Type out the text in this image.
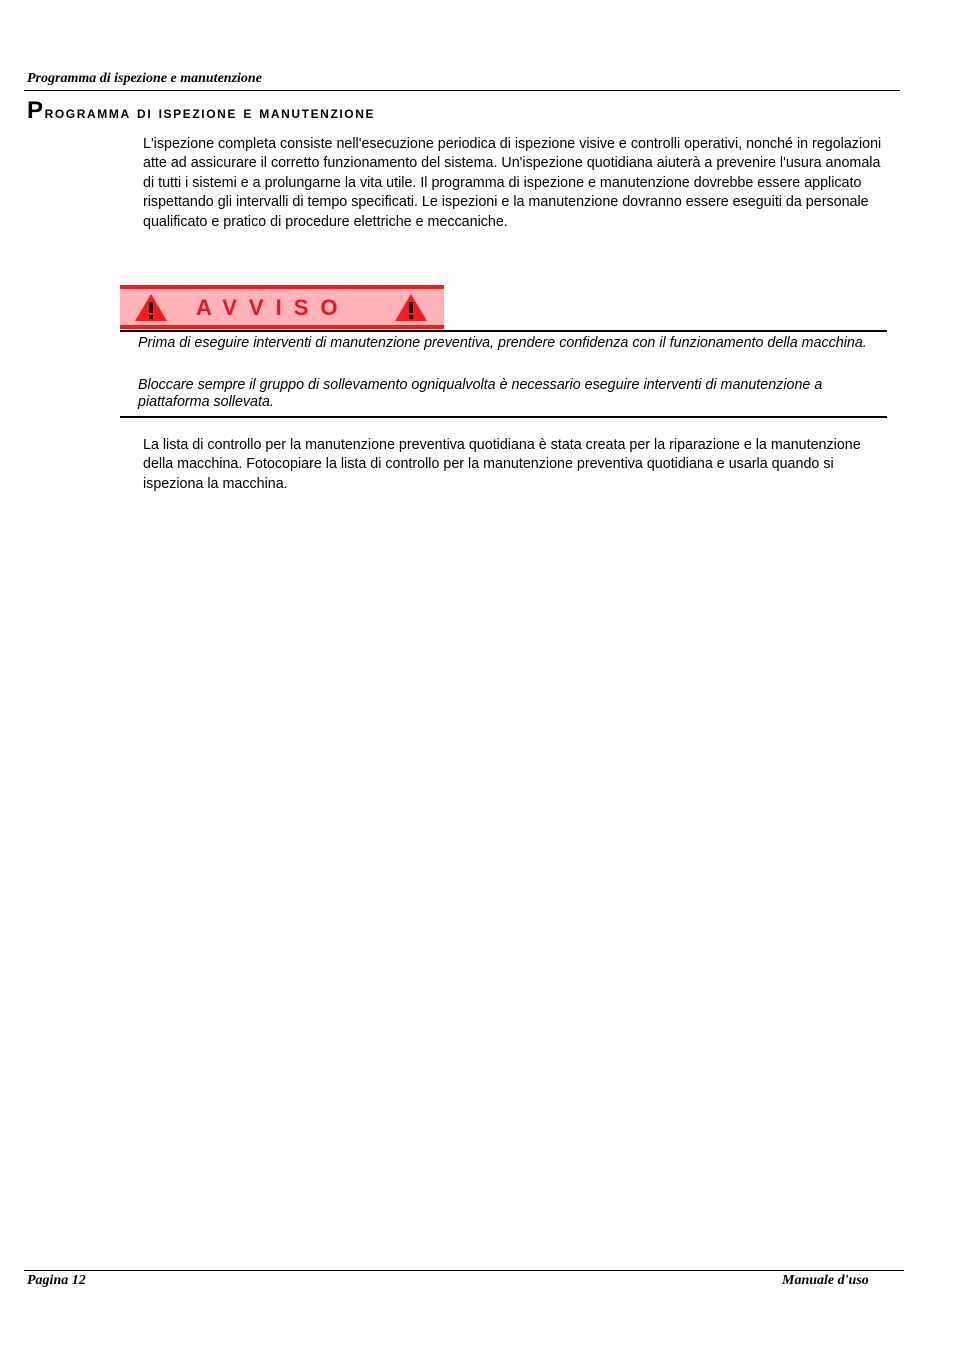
Programma di ispezione e manutenzione
Programma di ispezione e manutenzione

L'ispezione completa consiste nell'esecuzione periodica di ispezione visive e controlli operativi, nonché in regolazioni atte ad assicurare il corretto funzionamento del sistema. Un'ispezione quotidiana aiuterà a prevenire l'usura anomala di tutti i sistemi e a prolungarne la vita utile. Il programma di ispezione e manutenzione dovrebbe essere applicato rispettando gli intervalli di tempo specificati. Le ispezioni e la manutenzione dovranno essere eseguiti da personale qualificato e pratico di procedure elettriche e meccaniche.

AVVISO

Prima di eseguire interventi di manutenzione preventiva, prendere confidenza con il funzionamento della macchina.

Bloccare sempre il gruppo di sollevamento ogniqualvolta è necessario eseguire interventi di manutenzione a piattaforma sollevata.

La lista di controllo per la manutenzione preventiva quotidiana è stata creata per la riparazione e la manutenzione della macchina. Fotocopiare la lista di controllo per la manutenzione preventiva quotidiana e usarla quando si ispeziona la macchina.

Pagina 12	Manuale d'uso
